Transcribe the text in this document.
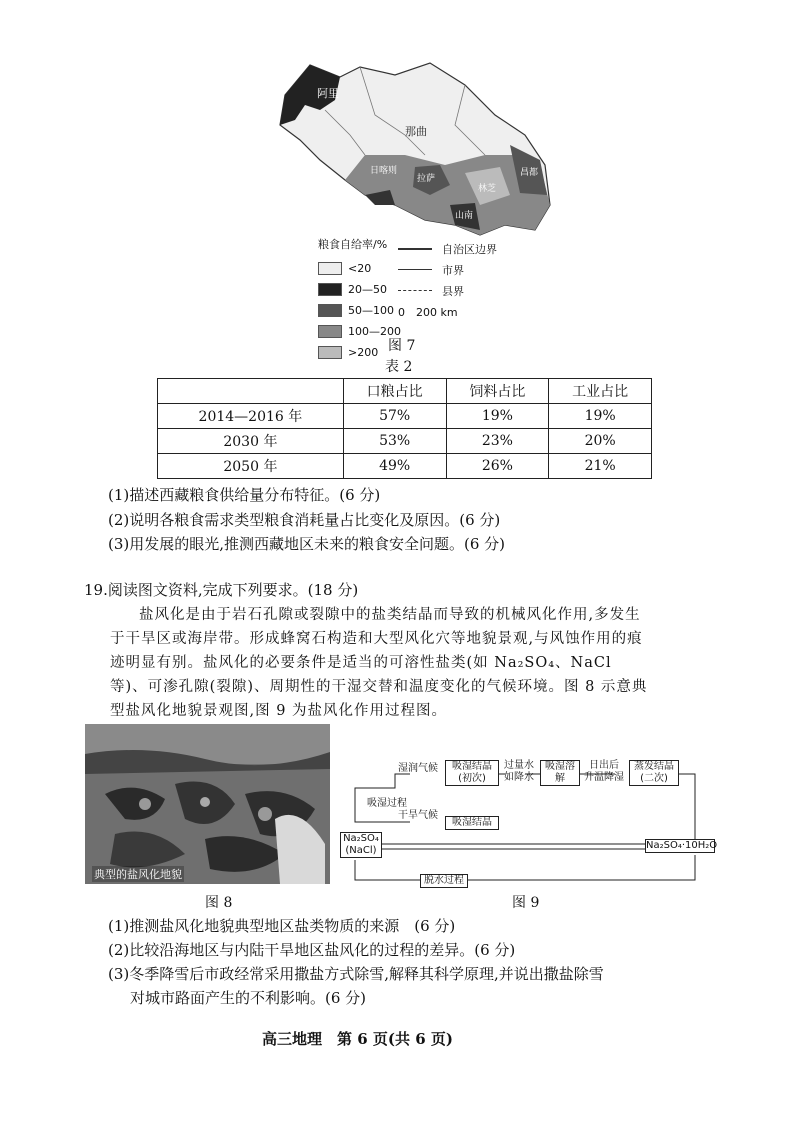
阿里
那曲
日喀则
拉萨
林芝
昌都
山南
粮食自给率/%
<20
20—50
50—100
100—200
>200
自治区边界
市界
县界
0　200 km
图 7
表 2
	口粮占比	饲料占比	工业占比
2014—2016 年	57%	19%	19%
2030 年	53%	23%	20%
2050 年	49%	26%	21%
(1)描述西藏粮食供给量分布特征。(6 分)
(2)说明各粮食需求类型粮食消耗量占比变化及原因。(6 分)
(3)用发展的眼光,推测西藏地区未来的粮食安全问题。(6 分)
19.阅读图文资料,完成下列要求。(18 分)

盐风化是由于岩石孔隙或裂隙中的盐类结晶而导致的机械风化作用,多发生于干旱区或海岸带。形成蜂窝石构造和大型风化穴等地貌景观,与风蚀作用的痕迹明显有别。盐风化的必要条件是适当的可溶性盐类(如 Na₂SO₄、NaCl 等)、可渗孔隙(裂隙)、周期性的干湿交替和温度变化的气候环境。图 8 示意典型盐风化地貌景观图,图 9 为盐风化作用过程图。

典型的盐风化地貌
图 8
吸湿过程
湿润气候	吸湿结晶
(初次)
过量水
如降水
吸湿溶
解
日出后
升温降湿
蒸发结晶
(二次)
干旱气候
吸湿结晶
Na₂SO₄
(NaCl)	Na₂SO₄·10H₂O
脱水过程
图 9
(1)推测盐风化地貌典型地区盐类物质的来源　(6 分)
(2)比较沿海地区与内陆干旱地区盐风化的过程的差异。(6 分)
(3)冬季降雪后市政经常采用撒盐方式除雪,解释其科学原理,并说出撒盐除雪
对城市路面产生的不利影响。(6 分)
高三地理　第 6 页(共 6 页)
